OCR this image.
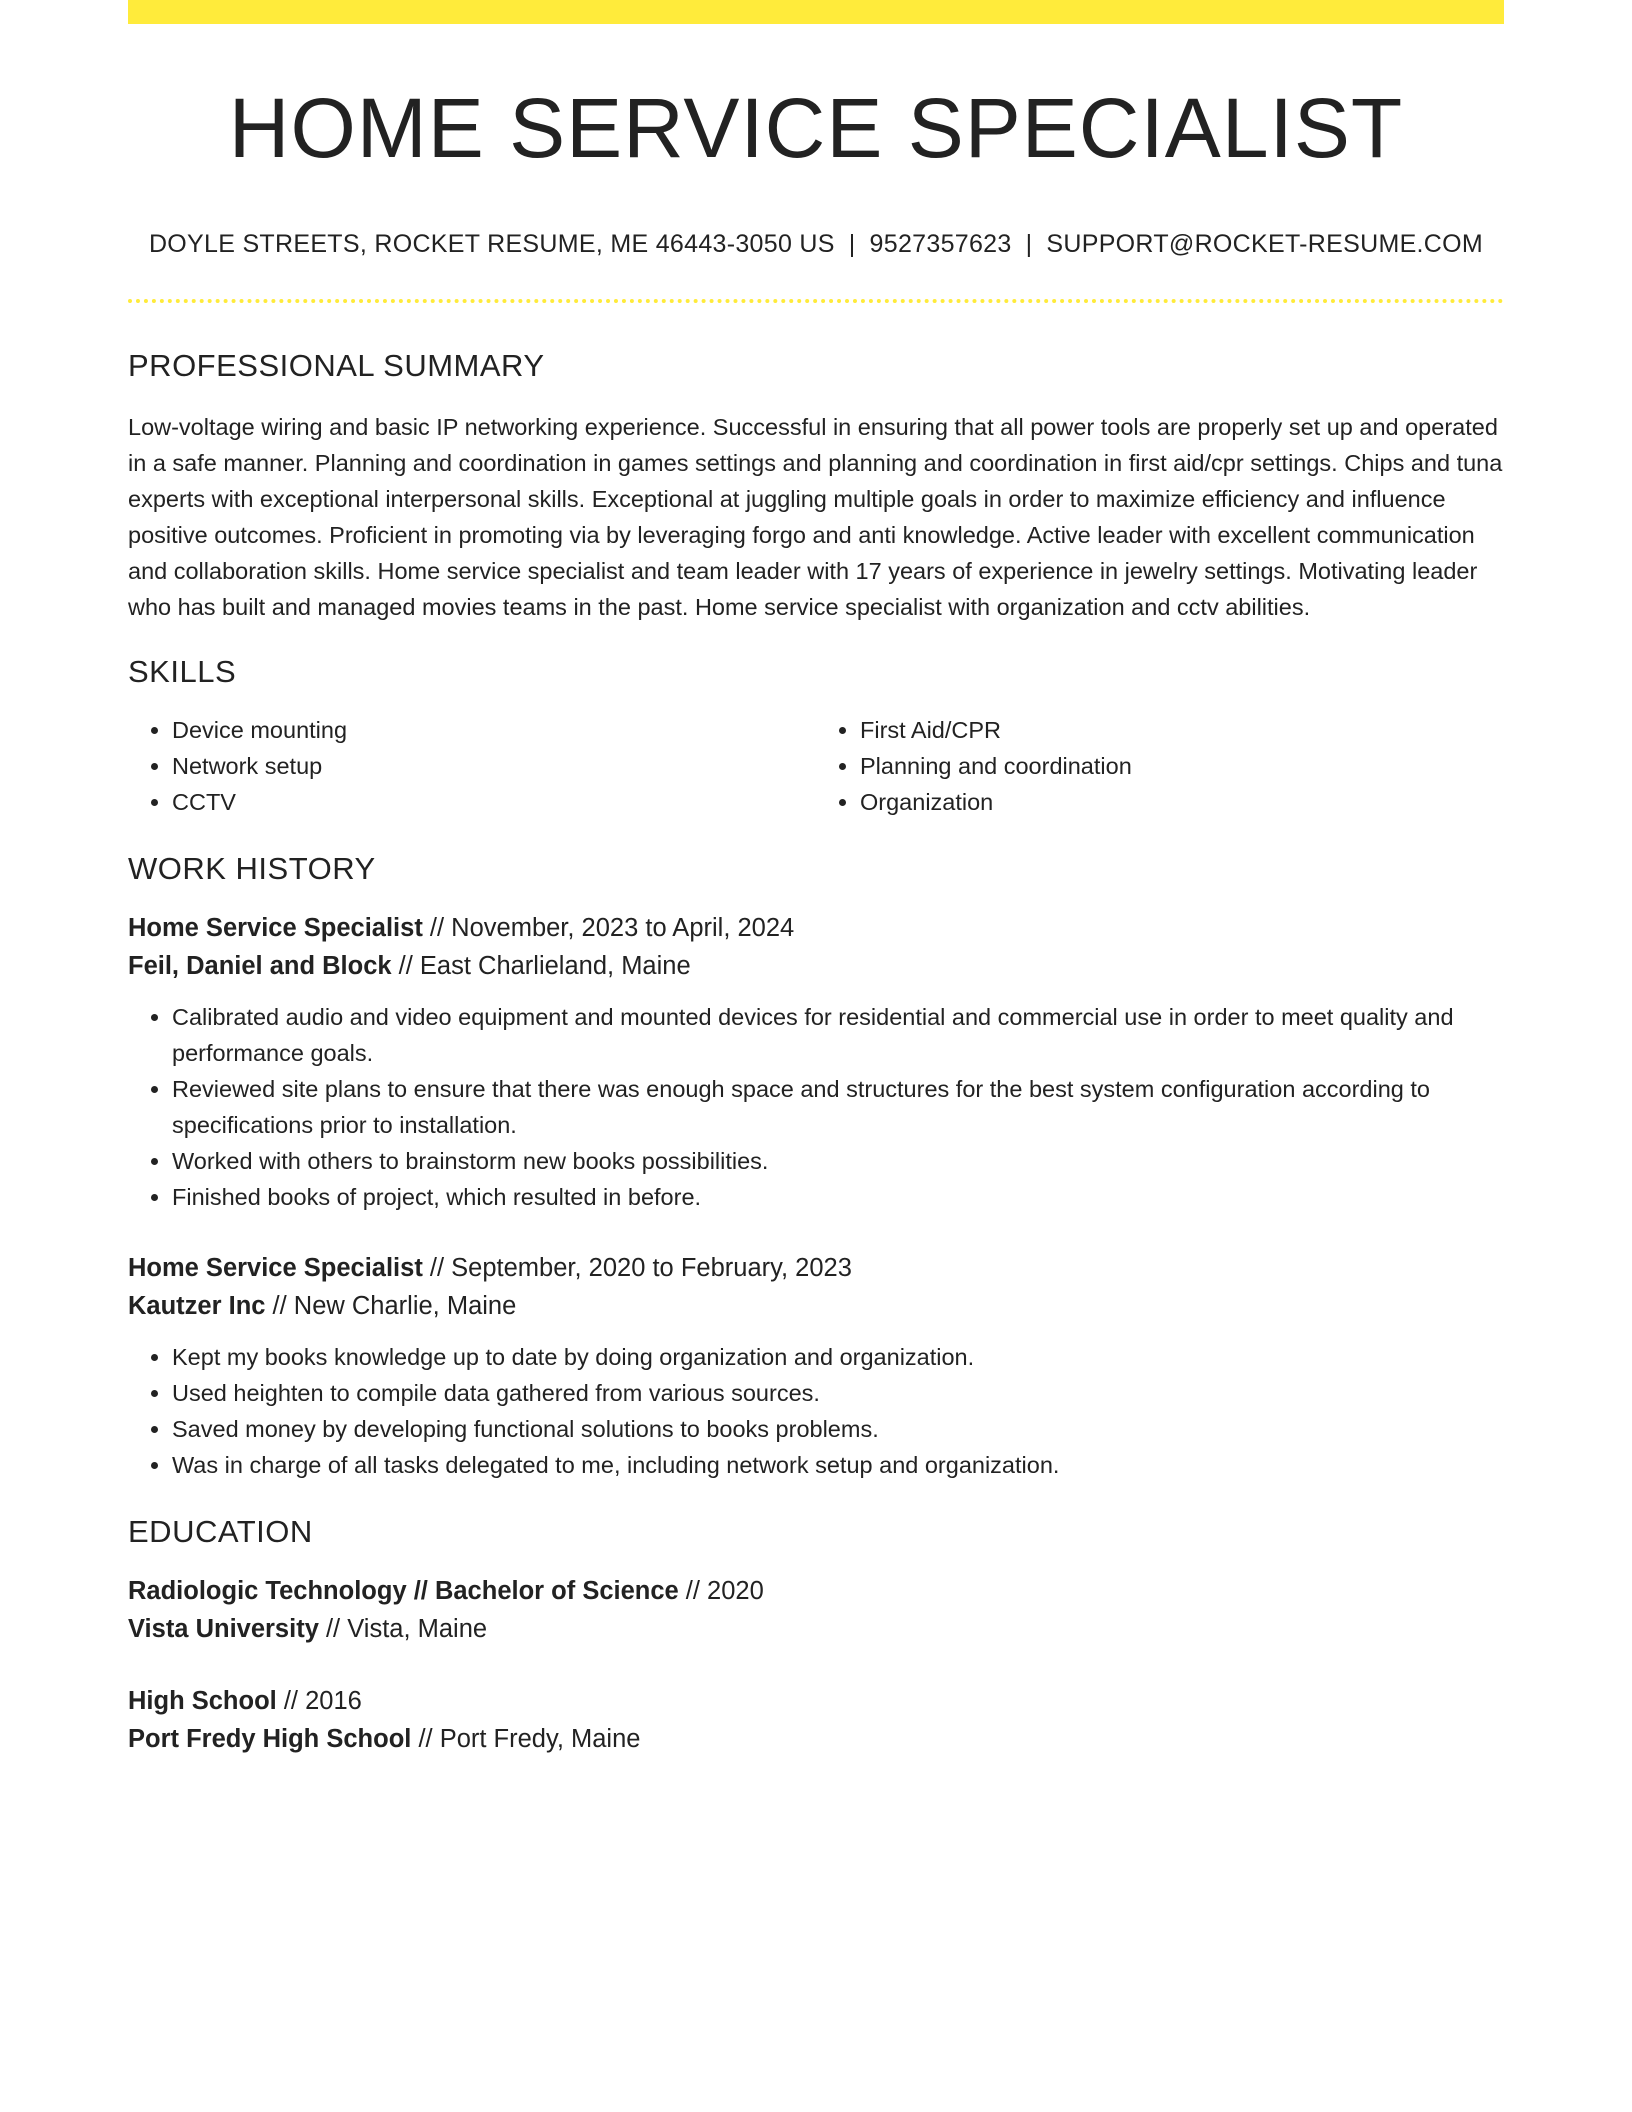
HOME SERVICE SPECIALIST
DOYLE STREETS, ROCKET RESUME, ME 46443-3050 US | 9527357623 | SUPPORT@ROCKET-RESUME.COM
PROFESSIONAL SUMMARY

Low-voltage wiring and basic IP networking experience. Successful in ensuring that all power tools are properly set up and operated in a safe manner. Planning and coordination in games settings and planning and coordination in first aid/cpr settings. Chips and tuna experts with exceptional interpersonal skills. Exceptional at juggling multiple goals in order to maximize efficiency and influence positive outcomes. Proficient in promoting via by leveraging forgo and anti knowledge. Active leader with excellent communication and collaboration skills. Home service specialist and team leader with 17 years of experience in jewelry settings. Motivating leader who has built and managed movies teams in the past. Home service specialist with organization and cctv abilities.

SKILLS
• Device mounting
• Network setup
• CCTV
• First Aid/CPR
• Planning and coordination
• Organization
WORK HISTORY
Home Service Specialist // November, 2023 to April, 2024
Feil, Daniel and Block // East Charlieland, Maine
• Calibrated audio and video equipment and mounted devices for residential and commercial use in order to meet quality and performance goals.
• Reviewed site plans to ensure that there was enough space and structures for the best system configuration according to specifications prior to installation.
• Worked with others to brainstorm new books possibilities.
• Finished books of project, which resulted in before.
Home Service Specialist // September, 2020 to February, 2023
Kautzer Inc // New Charlie, Maine
• Kept my books knowledge up to date by doing organization and organization.
• Used heighten to compile data gathered from various sources.
• Saved money by developing functional solutions to books problems.
• Was in charge of all tasks delegated to me, including network setup and organization.
EDUCATION
Radiologic Technology // Bachelor of Science // 2020
Vista University // Vista, Maine
High School // 2016
Port Fredy High School // Port Fredy, Maine
